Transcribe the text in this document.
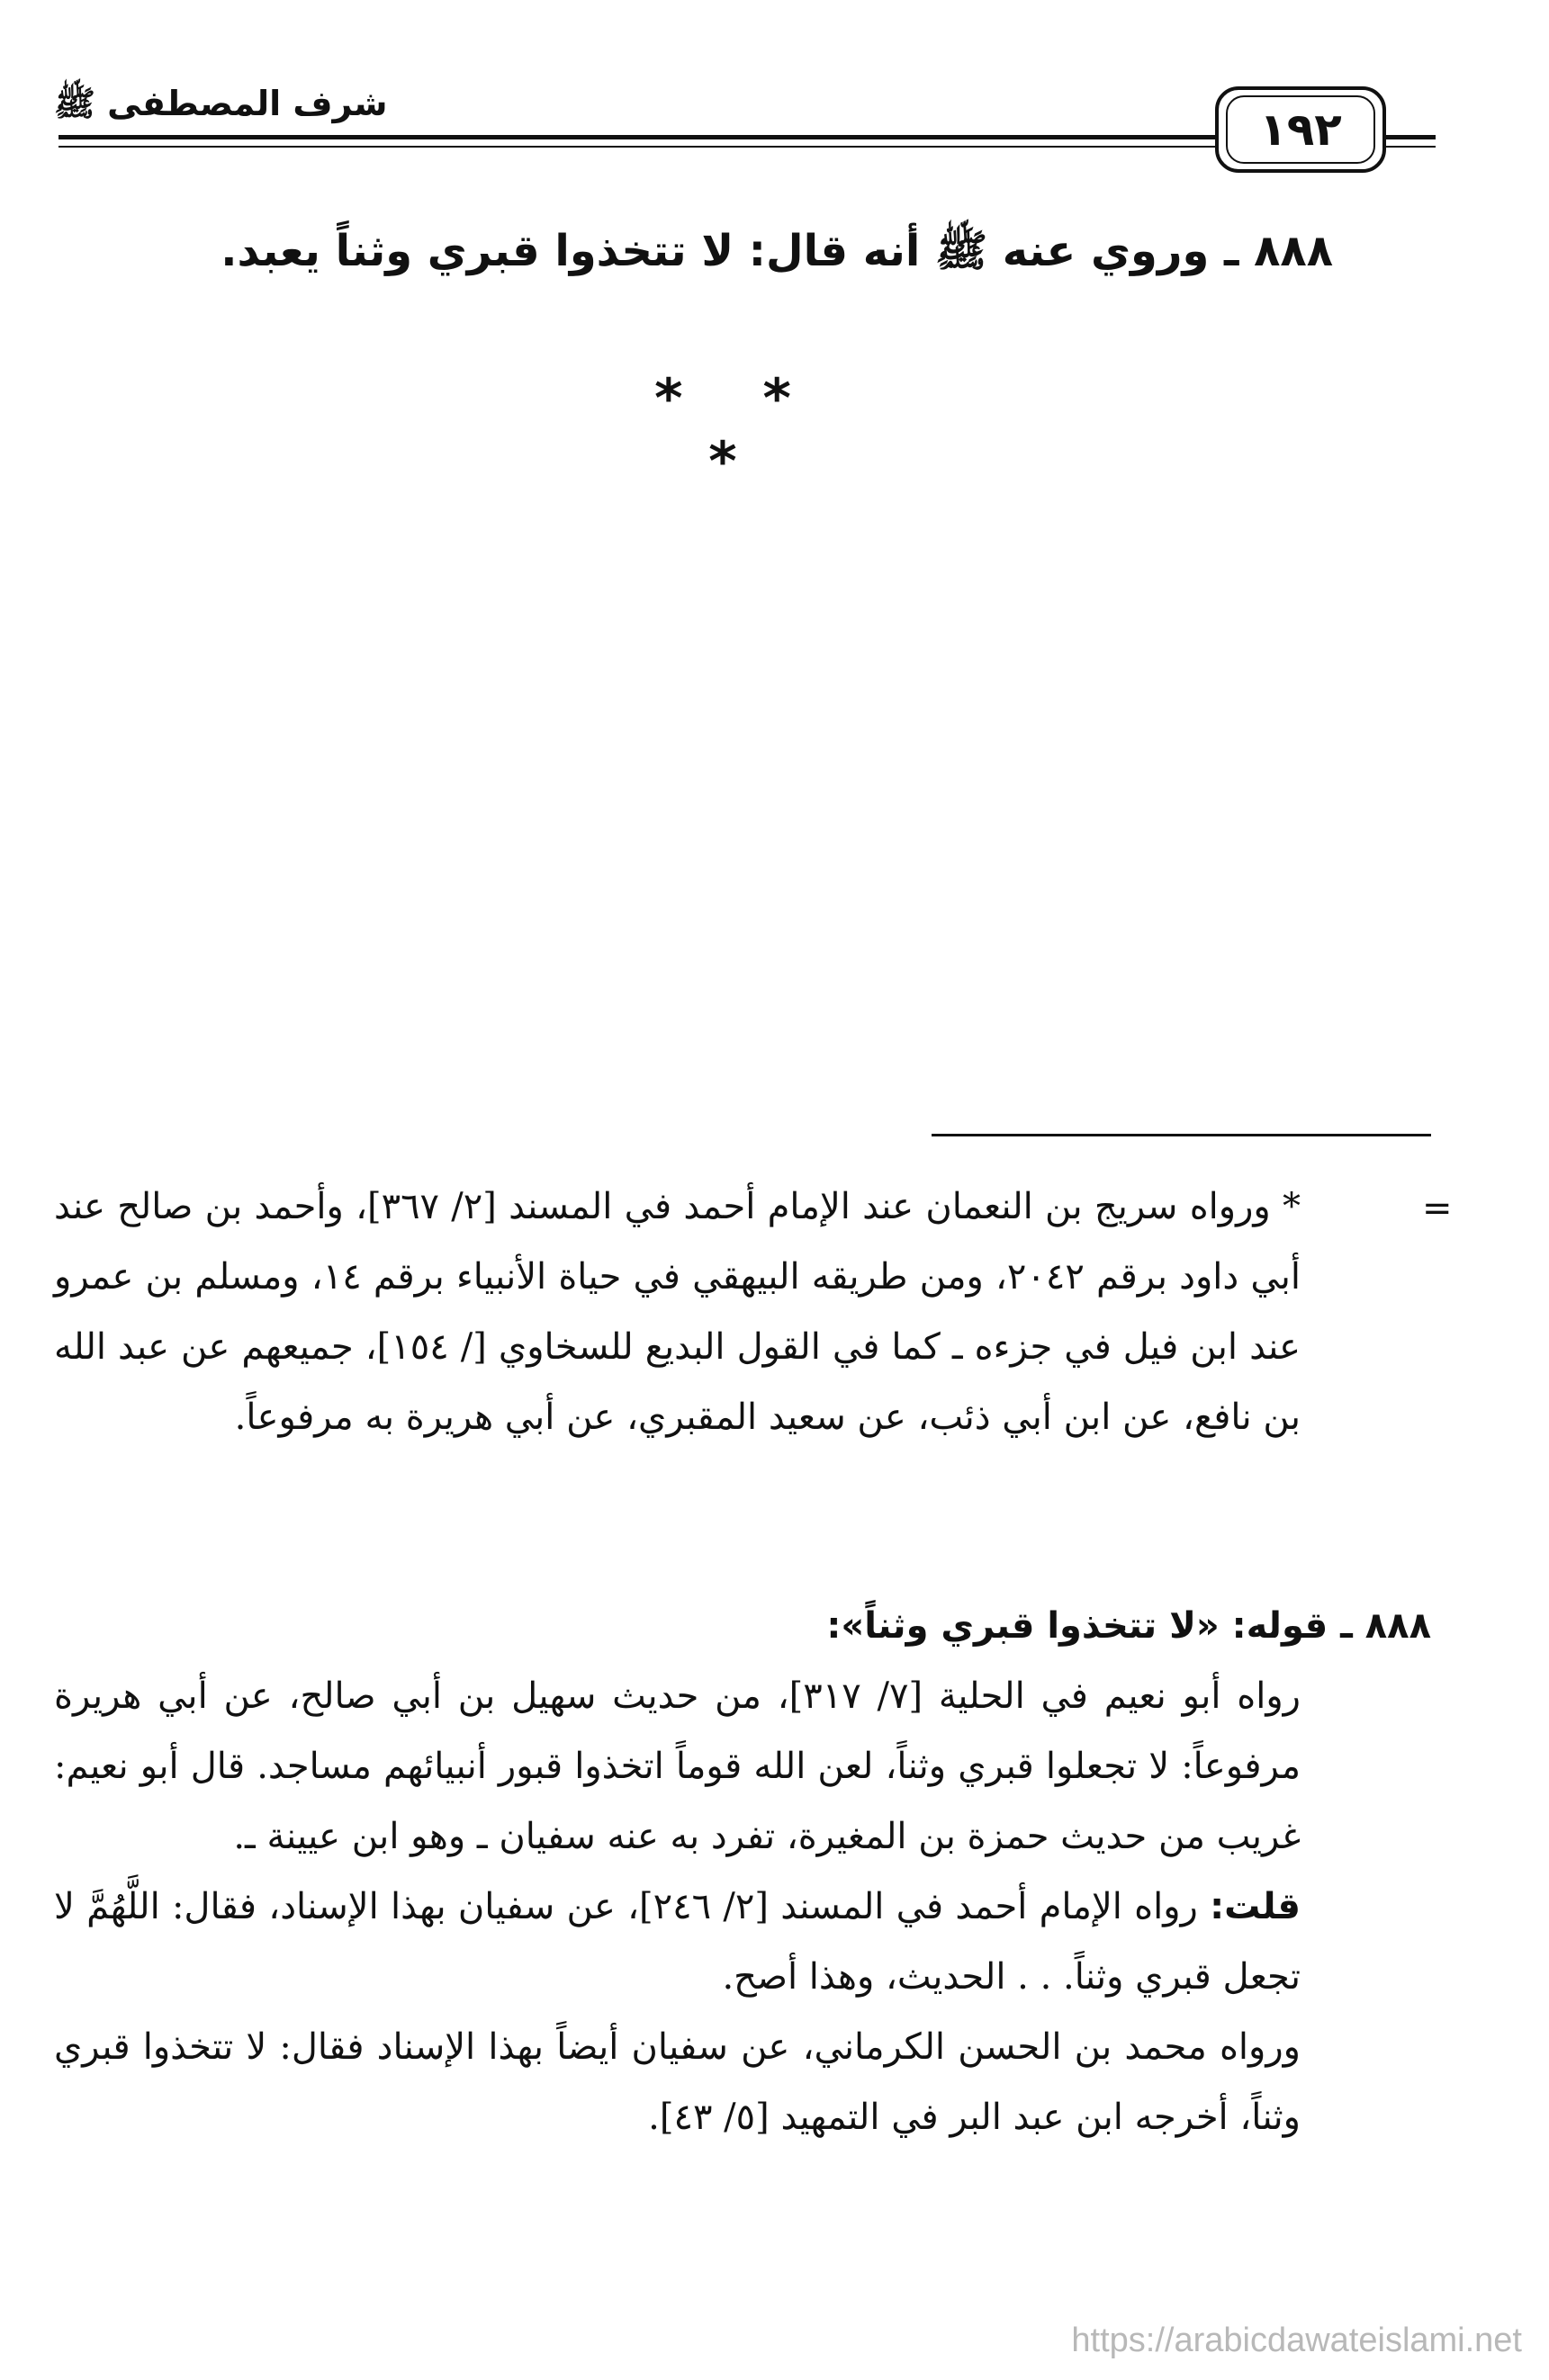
شرف المصطفى ﷺ	١٩٢
٨٨٨ ـ وروي عنه ﷺ أنه قال: لا تتخذوا قبري وثناً يعبد.
* * *
=
* ورواه سريج بن النعمان عند الإمام أحمد في المسند [٢/ ٣٦٧]، وأحمد بن صالح عند أبي داود برقم ٢٠٤٢، ومن طريقه البيهقي في حياة الأنبياء برقم ١٤، ومسلم بن عمرو عند ابن فيل في جزءه ـ كما في القول البديع للسخاوي [/ ١٥٤]، جميعهم عن عبد الله بن نافع، عن ابن أبي ذئب، عن سعيد المقبري، عن أبي هريرة به مرفوعاً.
٨٨٨ ـ قوله: «لا تتخذوا قبري وثناً»:
رواه أبو نعيم في الحلية [٧/ ٣١٧]، من حديث سهيل بن أبي صالح، عن أبي هريرة مرفوعاً: لا تجعلوا قبري وثناً، لعن الله قوماً اتخذوا قبور أنبيائهم مساجد. قال أبو نعيم: غريب من حديث حمزة بن المغيرة، تفرد به عنه سفيان ـ وهو ابن عيينة ـ.
قلت: رواه الإمام أحمد في المسند [٢/ ٢٤٦]، عن سفيان بهذا الإسناد، فقال: اللَّهُمَّ لا تجعل قبري وثناً. . . الحديث، وهذا أصح.
ورواه محمد بن الحسن الكرماني، عن سفيان أيضاً بهذا الإسناد فقال: لا تتخذوا قبري وثناً، أخرجه ابن عبد البر في التمهيد [٥/ ٤٣].
https://arabicdawateislami.net
